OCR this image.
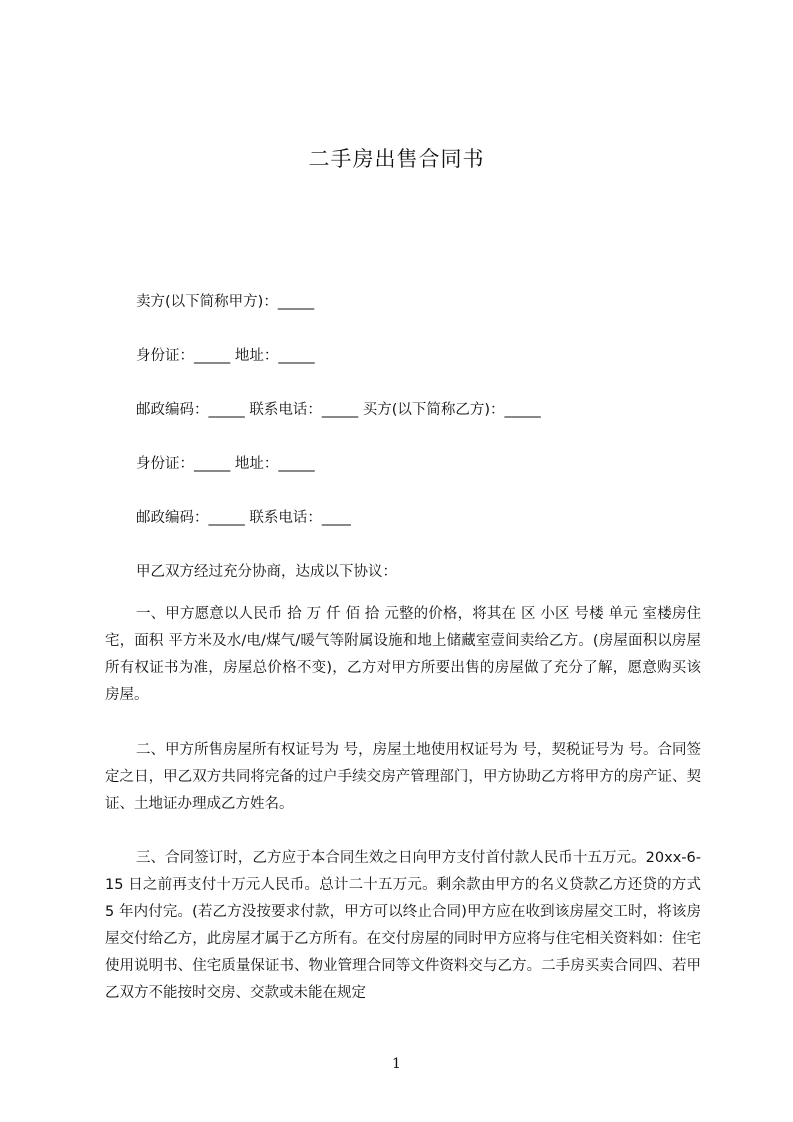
二手房出售合同书
卖方(以下简称甲方)：_____
身份证：_____ 地址：_____
邮政编码：_____ 联系电话：_____ 买方(以下简称乙方)：_____
身份证：_____ 地址：_____
邮政编码：_____ 联系电话：____
甲乙双方经过充分协商，达成以下协议：
一、甲方愿意以人民币 拾 万 仟 佰 拾 元整的价格，将其在 区 小区 号楼 单元 室楼房住宅，面积 平方米及水/电/煤气/暖气等附属设施和地上储藏室壹间卖给乙方。(房屋面积以房屋所有权证书为准，房屋总价格不变)，乙方对甲方所要出售的房屋做了充分了解，愿意购买该房屋。
二、甲方所售房屋所有权证号为 号，房屋土地使用权证号为 号，契税证号为 号。合同签定之日，甲乙双方共同将完备的过户手续交房产管理部门，甲方协助乙方将甲方的房产证、契证、土地证办理成乙方姓名。
三、合同签订时，乙方应于本合同生效之日向甲方支付首付款人民币十五万元。20xx-6-15 日之前再支付十万元人民币。总计二十五万元。剩余款由甲方的名义贷款乙方还贷的方式 5 年内付完。(若乙方没按要求付款，甲方可以终止合同)甲方应在收到该房屋交工时，将该房屋交付给乙方，此房屋才属于乙方所有。在交付房屋的同时甲方应将与住宅相关资料如：住宅使用说明书、住宅质量保证书、物业管理合同等文件资料交与乙方。二手房买卖合同四、若甲乙双方不能按时交房、交款或未能在规定
1
